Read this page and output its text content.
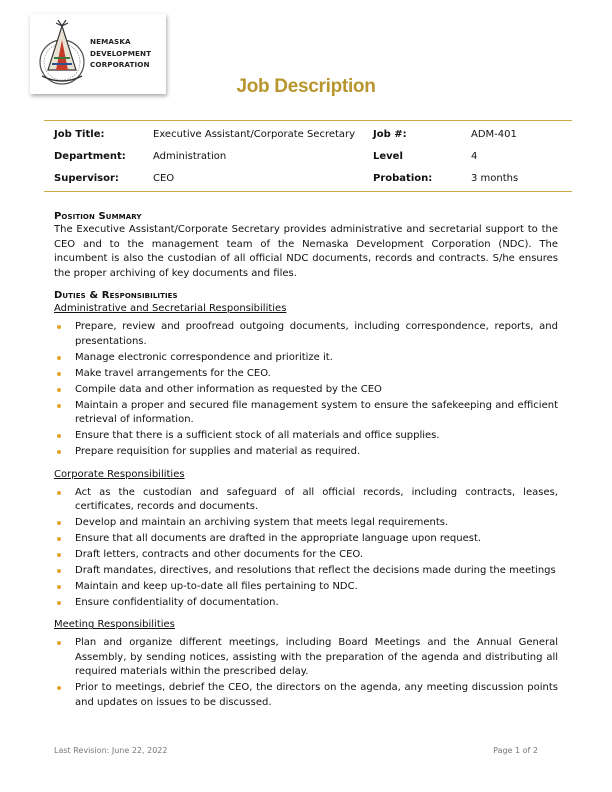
NEMASKA
DEVELOPMENT
CORPORATION
Job Description
Job Title:	Executive Assistant/Corporate Secretary	Job #:	ADM-401
Department:	Administration	Level	4
Supervisor:	CEO	Probation:	3 months
Position Summary

The Executive Assistant/Corporate Secretary provides administrative and secretarial support to the CEO and to the management team of the Nemaska Development Corporation (NDC). The incumbent is also the custodian of all official NDC documents, records and contracts. S/he ensures the proper archiving of key documents and files.

Duties & Responsibilities

Administrative and Secretarial Responsibilities

Prepare, review and proofread outgoing documents, including correspondence, reports, and presentations.
Manage electronic correspondence and prioritize it.
Make travel arrangements for the CEO.
Compile data and other information as requested by the CEO
Maintain a proper and secured file management system to ensure the safekeeping and efficient retrieval of information.
Ensure that there is a sufficient stock of all materials and office supplies.
Prepare requisition for supplies and material as required.

Corporate Responsibilities

Act as the custodian and safeguard of all official records, including contracts, leases, certificates, records and documents.
Develop and maintain an archiving system that meets legal requirements.
Ensure that all documents are drafted in the appropriate language upon request.
Draft letters, contracts and other documents for the CEO.
Draft mandates, directives, and resolutions that reflect the decisions made during the meetings
Maintain and keep up-to-date all files pertaining to NDC.
Ensure confidentiality of documentation.

Meeting Responsibilities

Plan and organize different meetings, including Board Meetings and the Annual General Assembly, by sending notices, assisting with the preparation of the agenda and distributing all required materials within the prescribed delay.
Prior to meetings, debrief the CEO, the directors on the agenda, any meeting discussion points and updates on issues to be discussed.
Last Revision: June 22, 2022	Page 1 of 2
